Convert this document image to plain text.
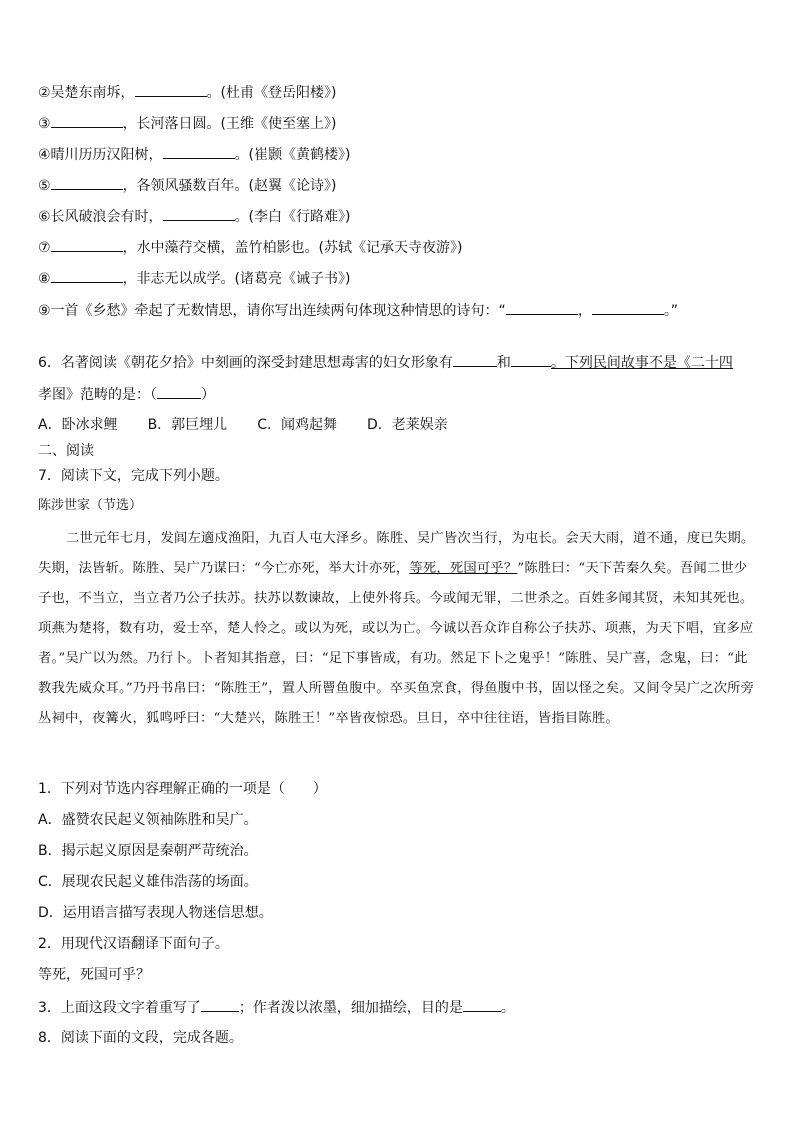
②吴楚东南坼，	。(杜甫《登岳阳楼》)
③	，长河落日圆。(王维《使至塞上》)
④晴川历历汉阳树，	。(崔颢《黄鹤楼》)
⑤	，各领风骚数百年。(赵翼《论诗》)
⑥长风破浪会有时，	。(李白《行路难》)
⑦	，水中藻荇交横，盖竹柏影也。(苏轼《记承天寺夜游》)
⑧	，非志无以成学。(诸葛亮《诫子书》)
⑨一首《乡愁》牵起了无数情思，请你写出连续两句体现这种情思的诗句：“	，	。”
6．名著阅读《朝花夕拾》中刻画的深受封建思想毒害的妇女形象有	和	。下列民间故事不是《二十四
孝图》范畴的是：（	）
A．卧冰求鲤 B．郭巨埋儿 C．闻鸡起舞 D．老莱娱亲
二、阅读
7．阅读下文，完成下列小题。
陈涉世家（节选）
二世元年七月，发闾左適戍渔阳，九百人屯大泽乡。陈胜、吴广皆次当行，为屯长。会天大雨，道不通，度已失期。失期，法皆斩。陈胜、吴广乃谋曰：“今亡亦死，举大计亦死，等死，死国可乎？”陈胜曰：“天下苦秦久矣。吾闻二世少子也，不当立，当立者乃公子扶苏。扶苏以数谏故，上使外将兵。今或闻无罪，二世杀之。百姓多闻其贤，未知其死也。项燕为楚将，数有功，爱士卒，楚人怜之。或以为死，或以为亡。今诚以吾众诈自称公子扶苏、项燕，为天下唱，宜多应者。”吴广以为然。乃行卜。卜者知其指意，曰：“足下事皆成，有功。然足下卜之鬼乎！”陈胜、吴广喜，念鬼，曰：“此教我先威众耳。”乃丹书帛曰：“陈胜王”，置人所罾鱼腹中。卒买鱼烹食，得鱼腹中书，固以怪之矣。又间令吴广之次所旁丛祠中，夜篝火，狐鸣呼曰：“大楚兴，陈胜王！”卒皆夜惊恐。旦日，卒中往往语，皆指目陈胜。
1．下列对节选内容理解正确的一项是（　　）
A．盛赞农民起义领袖陈胜和吴广。
B．揭示起义原因是秦朝严苛统治。
C．展现农民起义雄伟浩荡的场面。
D．运用语言描写表现人物迷信思想。
2．用现代汉语翻译下面句子。
等死，死国可乎？
3．上面这段文字着重写了	；作者泼以浓墨，细加描绘，目的是	。
8．阅读下面的文段，完成各题。
